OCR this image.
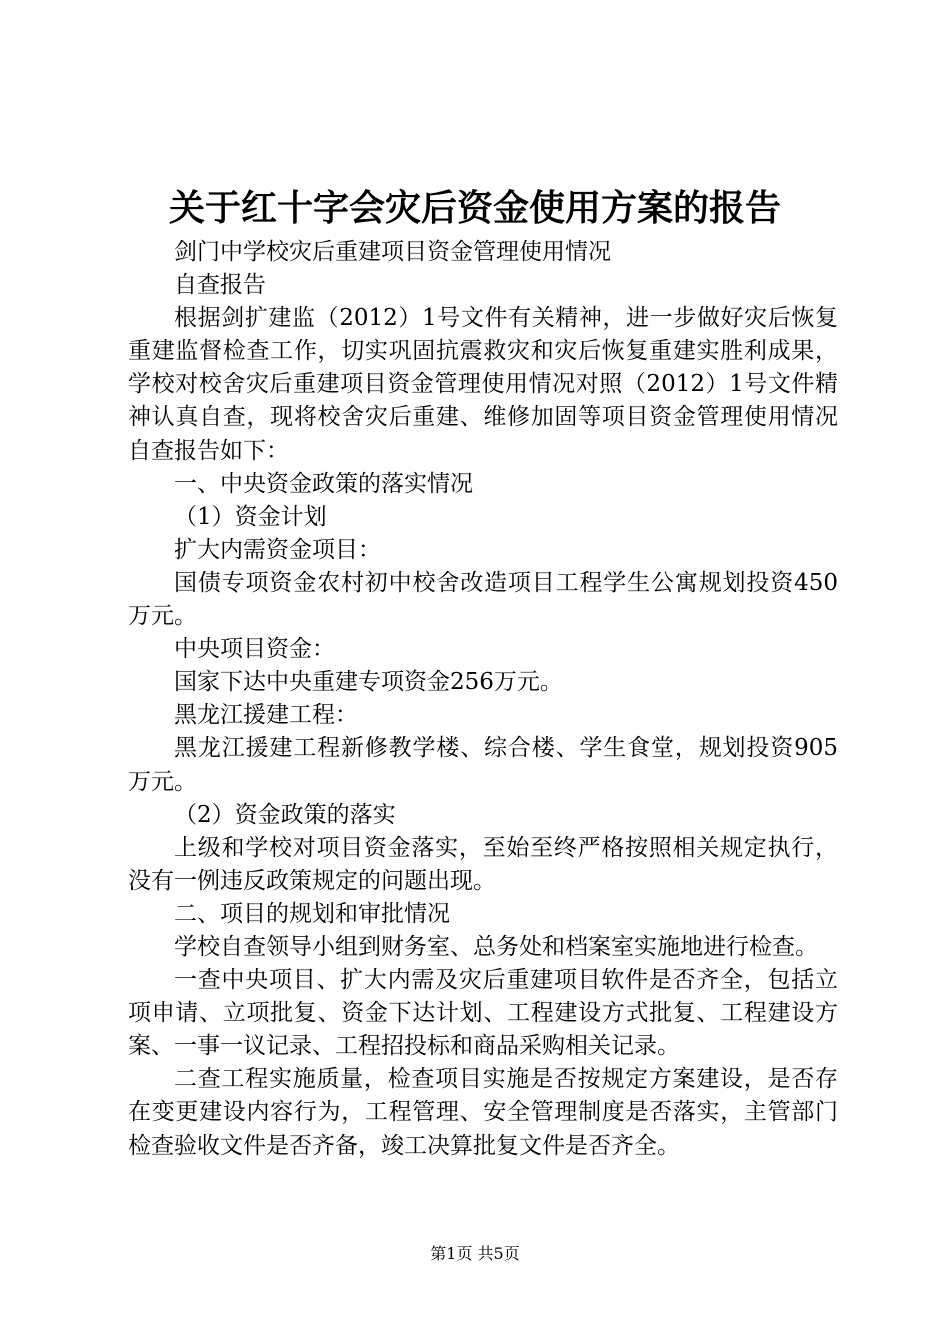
关于红十字会灾后资金使用方案的报告

剑门中学校灾后重建项目资金管理使用情况

自查报告

根据剑扩建监（2012）1号文件有关精神，进一步做好灾后恢复重建监督检查工作，切实巩固抗震救灾和灾后恢复重建实胜利成果，学校对校舍灾后重建项目资金管理使用情况对照（2012）1号文件精神认真自查，现将校舍灾后重建、维修加固等项目资金管理使用情况自查报告如下：

一、中央资金政策的落实情况

（1）资金计划

扩大内需资金项目：

国债专项资金农村初中校舍改造项目工程学生公寓规划投资450万元。

中央项目资金：

国家下达中央重建专项资金256万元。

黑龙江援建工程：

黑龙江援建工程新修教学楼、综合楼、学生食堂，规划投资905万元。

（2）资金政策的落实

上级和学校对项目资金落实，至始至终严格按照相关规定执行，没有一例违反政策规定的问题出现。

二、项目的规划和审批情况

学校自查领导小组到财务室、总务处和档案室实施地进行检查。

一查中央项目、扩大内需及灾后重建项目软件是否齐全，包括立项申请、立项批复、资金下达计划、工程建设方式批复、工程建设方案、一事一议记录、工程招投标和商品采购相关记录。

二查工程实施质量，检查项目实施是否按规定方案建设，是否存在变更建设内容行为，工程管理、安全管理制度是否落实，主管部门检查验收文件是否齐备，竣工决算批复文件是否齐全。

第1页 共5页
